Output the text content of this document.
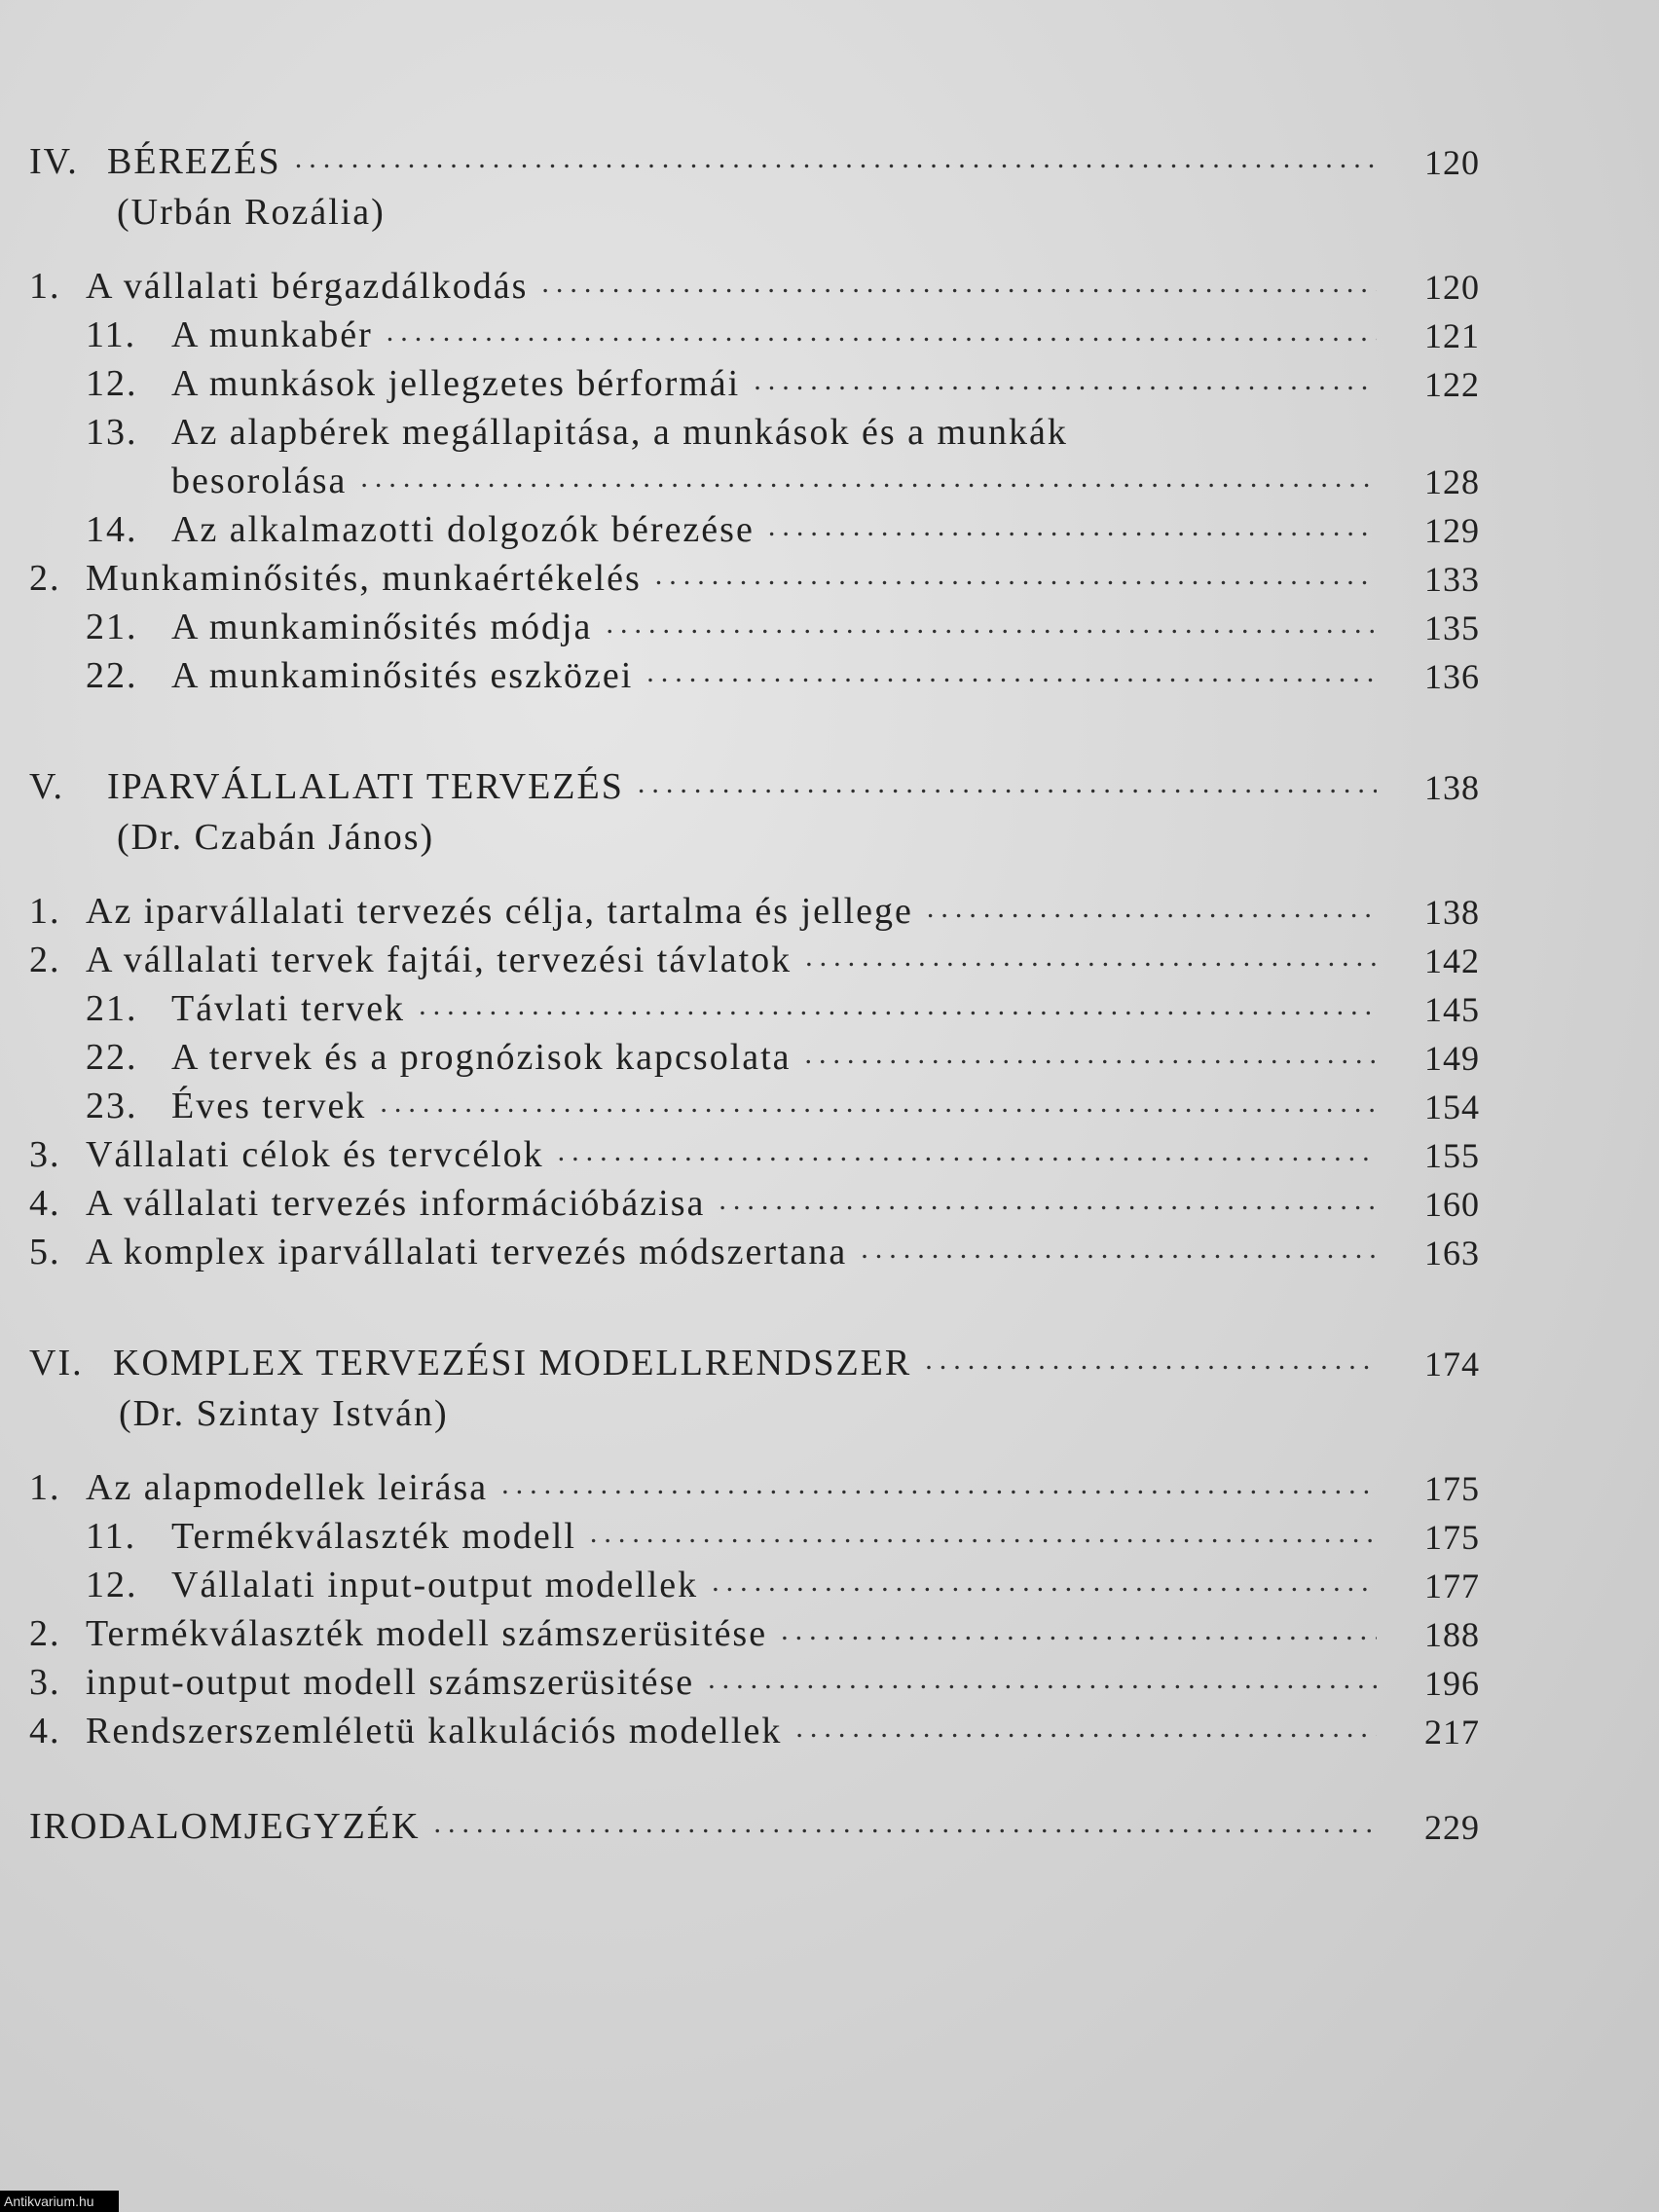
IV. BÉREZÉS .....	120
(Urbán Rozália)
1. A vállalati bérgazdálkodás .....	120
11. A munkabér .....	121
12. A munkások jellegzetes bérformái .....	122
13. Az alapbérek megállapitása, a munkások és a munkák
besorolása .....	128
14. Az alkalmazotti dolgozók bérezése .....	129
2. Munkaminősités, munkaértékelés .....	133
21. A munkaminősités módja .....	135
22. A munkaminősités eszközei .....	136
V.	IPARVÁLLALATI TERVEZÉS .....	138
(Dr. Czabán János)
1. Az iparvállalati tervezés célja, tartalma és jellege .....	138
2. A vállalati tervek fajtái, tervezési távlatok .....	142
21. Távlati tervek .....	145
22. A tervek és a prognózisok kapcsolata .....	149
23. Éves tervek .....	154
3. Vállalati célok és tervcélok .....	155
4. A vállalati tervezés információbázisa .....	160
5. A komplex iparvállalati tervezés módszertana .....	163
VI. KOMPLEX TERVEZÉSI MODELLRENDSZER .....	174
(Dr. Szintay István)
1. Az alapmodellek leirása .....	175
11. Termékválaszték modell .....	175
12. Vállalati input-output modellek .....	177
2. Termékválaszték modell számszerüsitése .....	188
3. input-output modell számszerüsitése .....	196
4. Rendszerszemléletü kalkulációs modellek .....	217
IRODALOMJEGYZÉK .....	229
Antikvarium.hu
